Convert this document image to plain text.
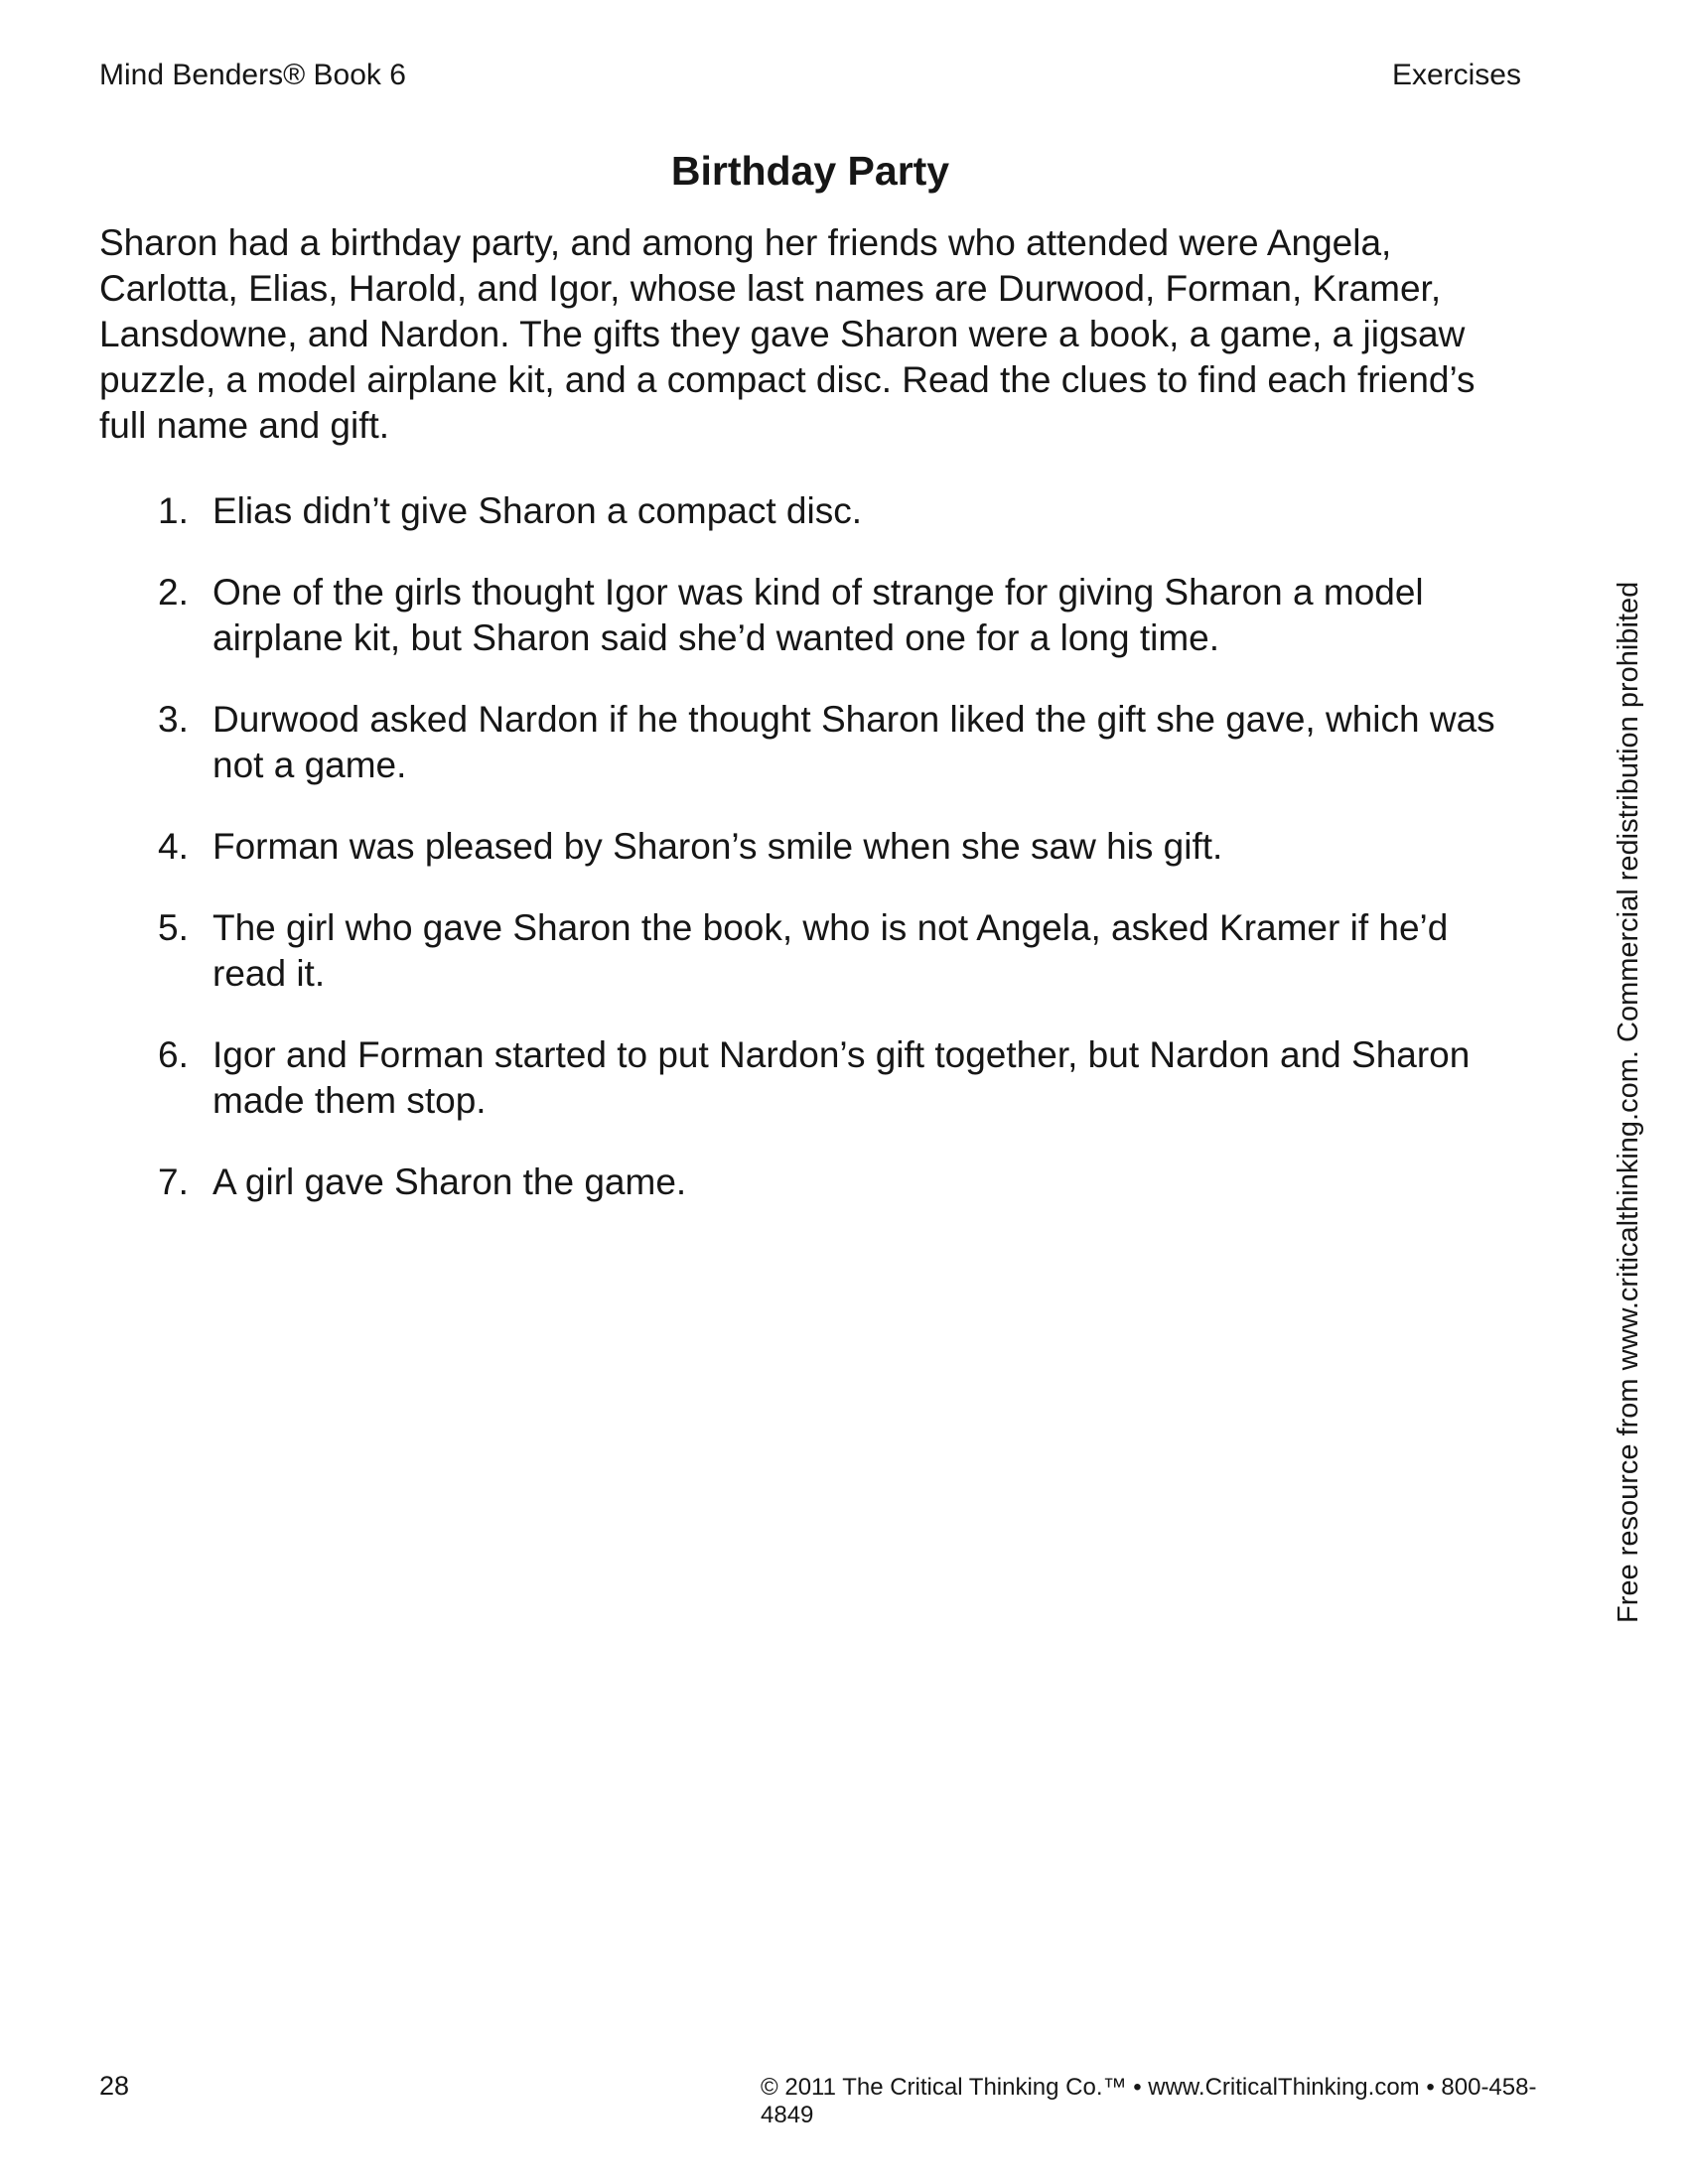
Mind Benders® Book 6	Exercises
Birthday Party

Sharon had a birthday party, and among her friends who attended were Angela, Carlotta, Elias, Harold, and Igor, whose last names are Durwood, Forman, Kramer, Lansdowne, and Nardon. The gifts they gave Sharon were a book, a game, a jigsaw puzzle, a model airplane kit, and a compact disc. Read the clues to find each friend’s full name and gift.

1. Elias didn’t give Sharon a compact disc.
2. One of the girls thought Igor was kind of strange for giving Sharon a model airplane kit, but Sharon said she’d wanted one for a long time.
3. Durwood asked Nardon if he thought Sharon liked the gift she gave, which was not a game.
4. Forman was pleased by Sharon’s smile when she saw his gift.
5. The girl who gave Sharon the book, who is not Angela, asked Kramer if he’d read it.
6. Igor and Forman started to put Nardon’s gift together, but Nardon and Sharon made them stop.
7. A girl gave Sharon the game.	Free resource from www.criticalthinking.com. Commercial redistribution prohibited
28	© 2011 The Critical Thinking Co.™ • www.CriticalThinking.com • 800-458-4849
